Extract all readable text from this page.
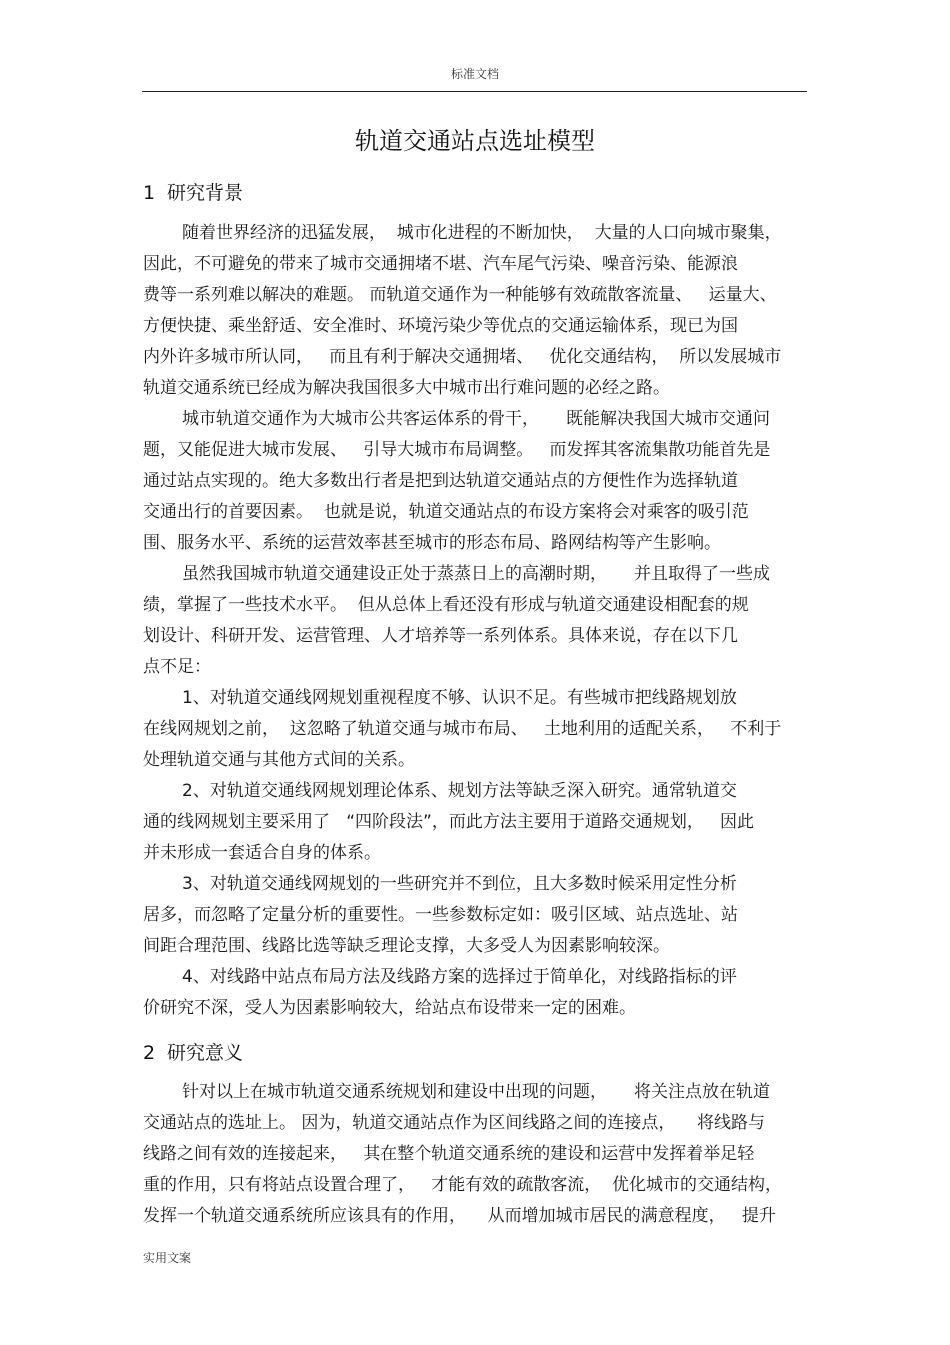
标准文档
轨道交通站点选址模型
1 研究背景
随着世界经济的迅猛发展，  城市化进程的不断加快，  大量的人口向城市聚集，
因此，不可避免的带来了城市交通拥堵不堪、汽车尾气污染、噪音污染、能源浪
费等一系列难以解决的难题。 而轨道交通作为一种能够有效疏散客流量、   运量大、
方便快捷、乘坐舒适、安全准时、环境污染少等优点的交通运输体系，现已为国
内外许多城市所认同，   而且有利于解决交通拥堵、   优化交通结构，  所以发展城市
轨道交通系统已经成为解决我国很多大中城市出行难问题的必经之路。
城市轨道交通作为大城市公共客运体系的骨干，     既能解决我国大城市交通问
题，又能促进大城市发展、   引导大城市布局调整。   而发挥其客流集散功能首先是
通过站点实现的。绝大多数出行者是把到达轨道交通站点的方便性作为选择轨道
交通出行的首要因素。  也就是说，轨道交通站点的布设方案将会对乘客的吸引范
围、服务水平、系统的运营效率甚至城市的形态布局、路网结构等产生影响。
虽然我国城市轨道交通建设正处于蒸蒸日上的高潮时期，     并且取得了一些成
绩，掌握了一些技术水平。  但从总体上看还没有形成与轨道交通建设相配套的规
划设计、科研开发、运营管理、人才培养等一系列体系。具体来说，存在以下几
点不足：
1、对轨道交通线网规划重视程度不够、认识不足。有些城市把线路规划放
在线网规划之前，  这忽略了轨道交通与城市布局、   土地利用的适配关系，   不利于
处理轨道交通与其他方式间的关系。
2、对轨道交通线网规划理论体系、规划方法等缺乏深入研究。通常轨道交
通的线网规划主要采用了   “四阶段法”，而此方法主要用于道路交通规划，   因此
并未形成一套适合自身的体系。
3、对轨道交通线网规划的一些研究并不到位，且大多数时候采用定性分析
居多，而忽略了定量分析的重要性。一些参数标定如：吸引区域、站点选址、站
间距合理范围、线路比选等缺乏理论支撑，大多受人为因素影响较深。
4、对线路中站点布局方法及线路方案的选择过于简单化，对线路指标的评
价研究不深，受人为因素影响较大，给站点布设带来一定的困难。
2 研究意义
针对以上在城市轨道交通系统规划和建设中出现的问题，     将关注点放在轨道
交通站点的选址上。 因为，轨道交通站点作为区间线路之间的连接点，    将线路与
线路之间有效的连接起来，   其在整个轨道交通系统的建设和运营中发挥着举足轻
重的作用，只有将站点设置合理了，   才能有效的疏散客流，  优化城市的交通结构，
发挥一个轨道交通系统所应该具有的作用，    从而增加城市居民的满意程度，   提升
实用文案
